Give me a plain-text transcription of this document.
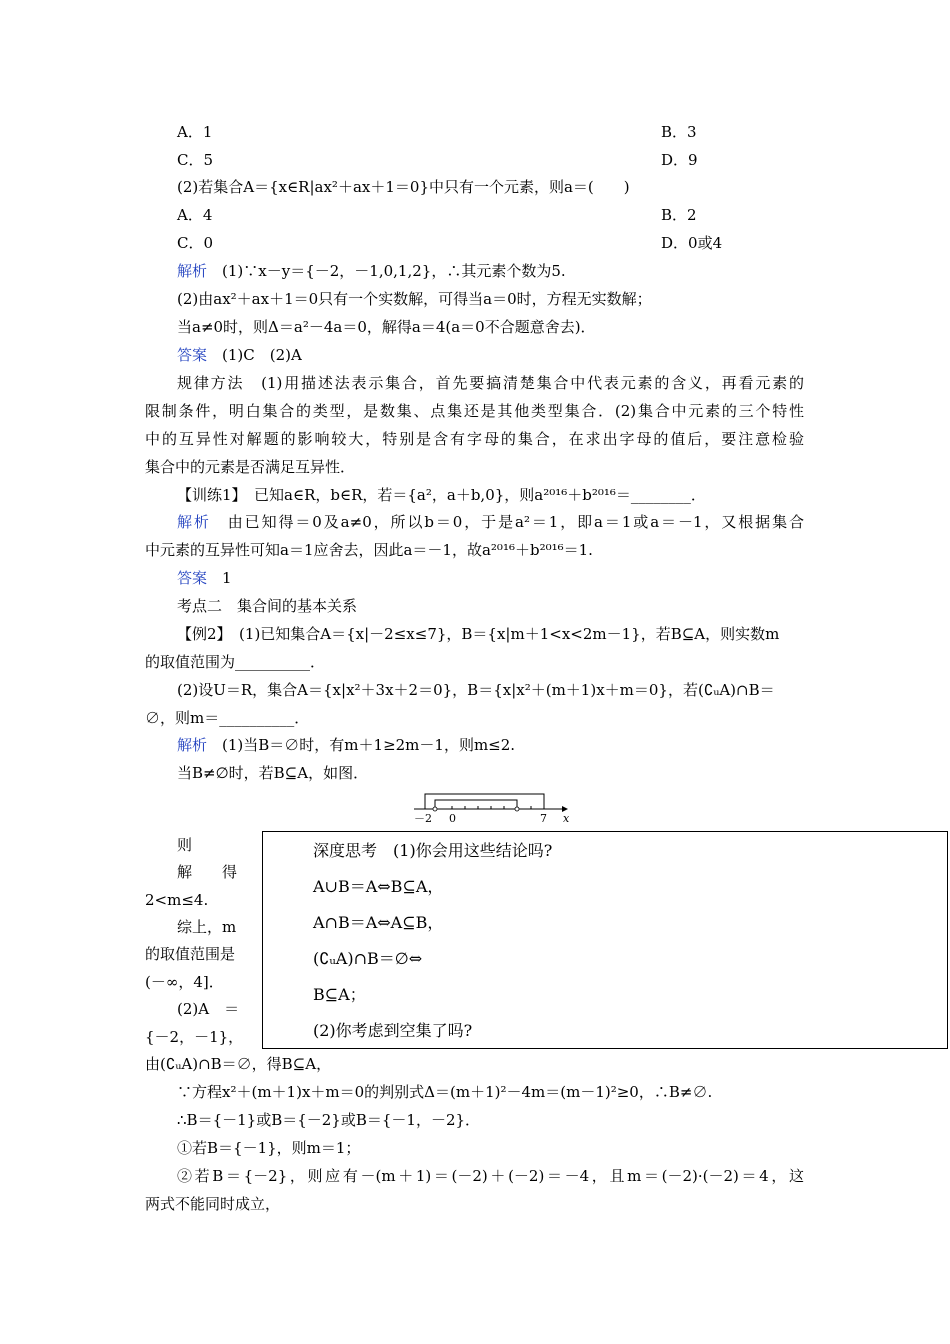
A．1	B．3
C．5	D．9
(2)若集合A＝{x∈R|ax²＋ax＋1＝0}中只有一个元素，则a＝(　　)
A．4	B．2
C．0	D．0或4
解析　 (1)∵x－y＝{－2，－1,0,1,2}，∴其元素个数为5.
(2)由ax²＋ax＋1＝0只有一个实数解，可得当a＝0时，方程无实数解；
当a≠0时，则Δ＝a²－4a＝0，解得a＝4(a＝0不合题意舍去)．
答案　 (1)C　(2)A
规律方法　(1)用描述法表示集合，首先要搞清楚集合中代表元素的含义，再看元素的
限制条件，明白集合的类型，是数集、点集还是其他类型集合．(2)集合中元素的三个特性
中的互异性对解题的影响较大，特别是含有字母的集合，在求出字母的值后，要注意检验
集合中的元素是否满足互异性．
【训练1】　已知a∈R，b∈R，若＝{a²，a＋b,0}，则a²⁰¹⁶＋b²⁰¹⁶＝________．
解析　 由已知得＝0及a≠0，所以b＝0，于是a²＝1，即a＝1或a＝－1，又根据集合
中元素的互异性可知a＝1应舍去，因此a＝－1，故a²⁰¹⁶＋b²⁰¹⁶＝1.
答案　 1
考点二　集合间的基本关系
【例2】　(1)已知集合A＝{x|－2≤x≤7}，B＝{x|m＋1<x<2m－1}，若B⊆A，则实数m
的取值范围为__________．
(2)设U＝R，集合A＝{x|x²＋3x＋2＝0}，B＝{x|x²＋(m＋1)x＋m＝0}，若(∁ᵤA)∩B＝
∅，则m＝__________．
解析　 (1)当B＝∅时，有m＋1≥2m－1，则m≤2.
当B≠∅时，若B⊆A，如图．
－2 0	7 x
则
解　　得
2<m≤4.
综上，m
的取值范围是
(－∞，4]．
(2)A　＝
{－2，－1}，
深度思考　 (1)你会用这些结论吗?
A∪B＝A⇔B⊆A，
A∩B＝A⇔A⊆B，
(∁ᵤA)∩B＝∅⇔
B⊆A；
(2)你考虑到空集了吗?
由(∁ᵤA)∩B＝∅，得B⊆A，
∵方程x²＋(m＋1)x＋m＝0的判别式Δ＝(m＋1)²－4m＝(m－1)²≥0，∴B≠∅.
∴B＝{－1}或B＝{－2}或B＝{－1，－2}．
①若B＝{－1}，则m＝1；
②若B＝{－2}，则应有－(m＋1)＝(－2)＋(－2)＝－4，且m＝(－2)·(－2)＝4，这
两式不能同时成立，
